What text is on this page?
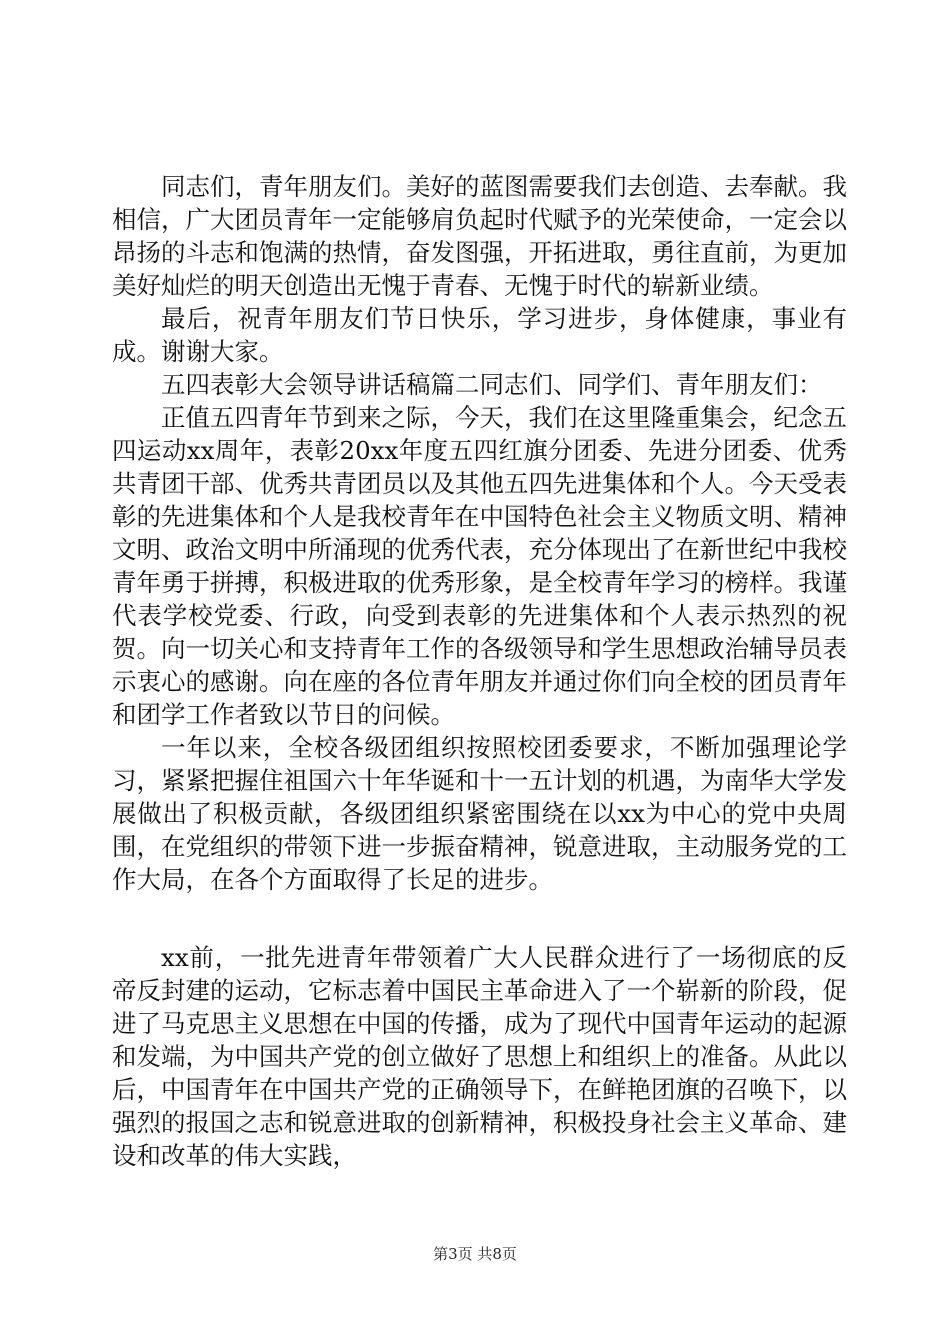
同志们，青年朋友们。美好的蓝图需要我们去创造、去奉献。我相信，广大团员青年一定能够肩负起时代赋予的光荣使命，一定会以昂扬的斗志和饱满的热情，奋发图强，开拓进取，勇往直前，为更加美好灿烂的明天创造出无愧于青春、无愧于时代的崭新业绩。

最后，祝青年朋友们节日快乐，学习进步，身体健康，事业有成。谢谢大家。

五四表彰大会领导讲话稿篇二同志们、同学们、青年朋友们：

正值五四青年节到来之际，今天，我们在这里隆重集会，纪念五四运动xx周年，表彰20xx年度五四红旗分团委、先进分团委、优秀共青团干部、优秀共青团员以及其他五四先进集体和个人。今天受表彰的先进集体和个人是我校青年在中国特色社会主义物质文明、精神文明、政治文明中所涌现的优秀代表，充分体现出了在新世纪中我校青年勇于拼搏，积极进取的优秀形象，是全校青年学习的榜样。我谨代表学校党委、行政，向受到表彰的先进集体和个人表示热烈的祝贺。向一切关心和支持青年工作的各级领导和学生思想政治辅导员表示衷心的感谢。向在座的各位青年朋友并通过你们向全校的团员青年和团学工作者致以节日的问候。

一年以来，全校各级团组织按照校团委要求，不断加强理论学习，紧紧把握住祖国六十年华诞和十一五计划的机遇，为南华大学发展做出了积极贡献，各级团组织紧密围绕在以xx为中心的党中央周围，在党组织的带领下进一步振奋精神，锐意进取，主动服务党的工作大局，在各个方面取得了长足的进步。

xx前，一批先进青年带领着广大人民群众进行了一场彻底的反帝反封建的运动，它标志着中国民主革命进入了一个崭新的阶段，促进了马克思主义思想在中国的传播，成为了现代中国青年运动的起源和发端，为中国共产党的创立做好了思想上和组织上的准备。从此以后，中国青年在中国共产党的正确领导下，在鲜艳团旗的召唤下，以强烈的报国之志和锐意进取的创新精神，积极投身社会主义革命、建设和改革的伟大实践，

第3页 共8页
